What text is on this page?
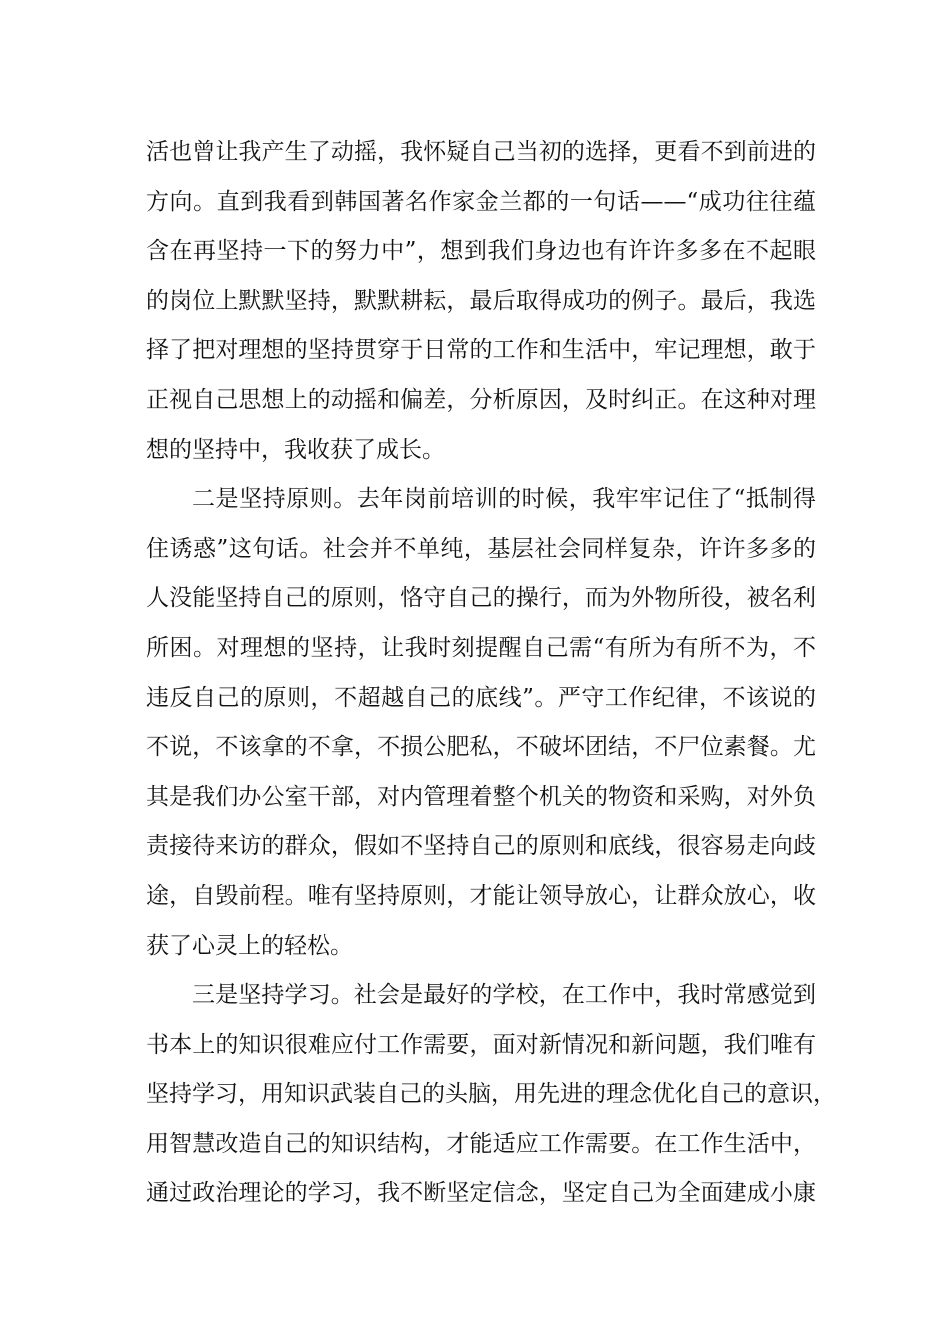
活也曾让我产生了动摇，我怀疑自己当初的选择，更看不到前进的
方向。直到我看到韩国著名作家金兰都的一句话——“成功往往蕴
含在再坚持一下的努力中”，想到我们身边也有许许多多在不起眼
的岗位上默默坚持，默默耕耘，最后取得成功的例子。最后，我选
择了把对理想的坚持贯穿于日常的工作和生活中，牢记理想，敢于
正视自己思想上的动摇和偏差，分析原因，及时纠正。在这种对理
想的坚持中，我收获了成长。
二是坚持原则。去年岗前培训的时候，我牢牢记住了“抵制得
住诱惑”这句话。社会并不单纯，基层社会同样复杂，许许多多的
人没能坚持自己的原则，恪守自己的操行，而为外物所役，被名利
所困。对理想的坚持，让我时刻提醒自己需“有所为有所不为，不
违反自己的原则，不超越自己的底线”。严守工作纪律，不该说的
不说，不该拿的不拿，不损公肥私，不破坏团结，不尸位素餐。尤
其是我们办公室干部，对内管理着整个机关的物资和采购，对外负
责接待来访的群众，假如不坚持自己的原则和底线，很容易走向歧
途，自毁前程。唯有坚持原则，才能让领导放心，让群众放心，收
获了心灵上的轻松。
三是坚持学习。社会是最好的学校，在工作中，我时常感觉到
书本上的知识很难应付工作需要，面对新情况和新问题，我们唯有
坚持学习，用知识武装自己的头脑，用先进的理念优化自己的意识，
用智慧改造自己的知识结构，才能适应工作需要。在工作生活中，
通过政治理论的学习，我不断坚定信念，坚定自己为全面建成小康
